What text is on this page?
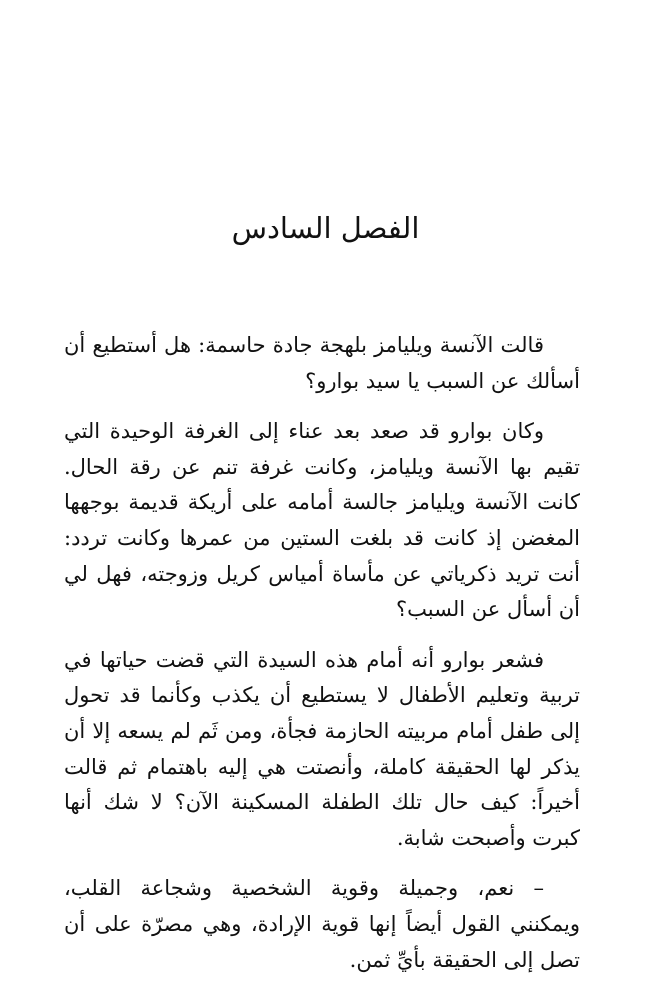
الفصل السادس

قالت الآنسة ويليامز بلهجة جادة حاسمة: هل أستطيع أن أسألك عن السبب يا سيد بوارو؟

وكان بوارو قد صعد بعد عناء إلى الغرفة الوحيدة التي تقيم بها الآنسة ويليامز، وكانت غرفة تنم عن رقة الحال. كانت الآنسة ويليامز جالسة أمامه على أريكة قديمة بوجهها المغضن إذ كانت قد بلغت الستين من عمرها وكانت تردد: أنت تريد ذكرياتي عن مأساة أمياس كريل وزوجته، فهل لي أن أسأل عن السبب؟

فشعر بوارو أنه أمام هذه السيدة التي قضت حياتها في تربية وتعليم الأطفال لا يستطيع أن يكذب وكأنما قد تحول إلى طفل أمام مربيته الحازمة فجأة، ومن ثَم لم يسعه إلا أن يذكر لها الحقيقة كاملة، وأنصتت هي إليه باهتمام ثم قالت أخيراً: كيف حال تلك الطفلة المسكينة الآن؟ لا شك أنها كبرت وأصبحت شابة.

– نعم، وجميلة وقوية الشخصية وشجاعة القلب، ويمكنني القول أيضاً إنها قوية الإرادة، وهي مصرّة على أن تصل إلى الحقيقة بأيِّ ثمن.
